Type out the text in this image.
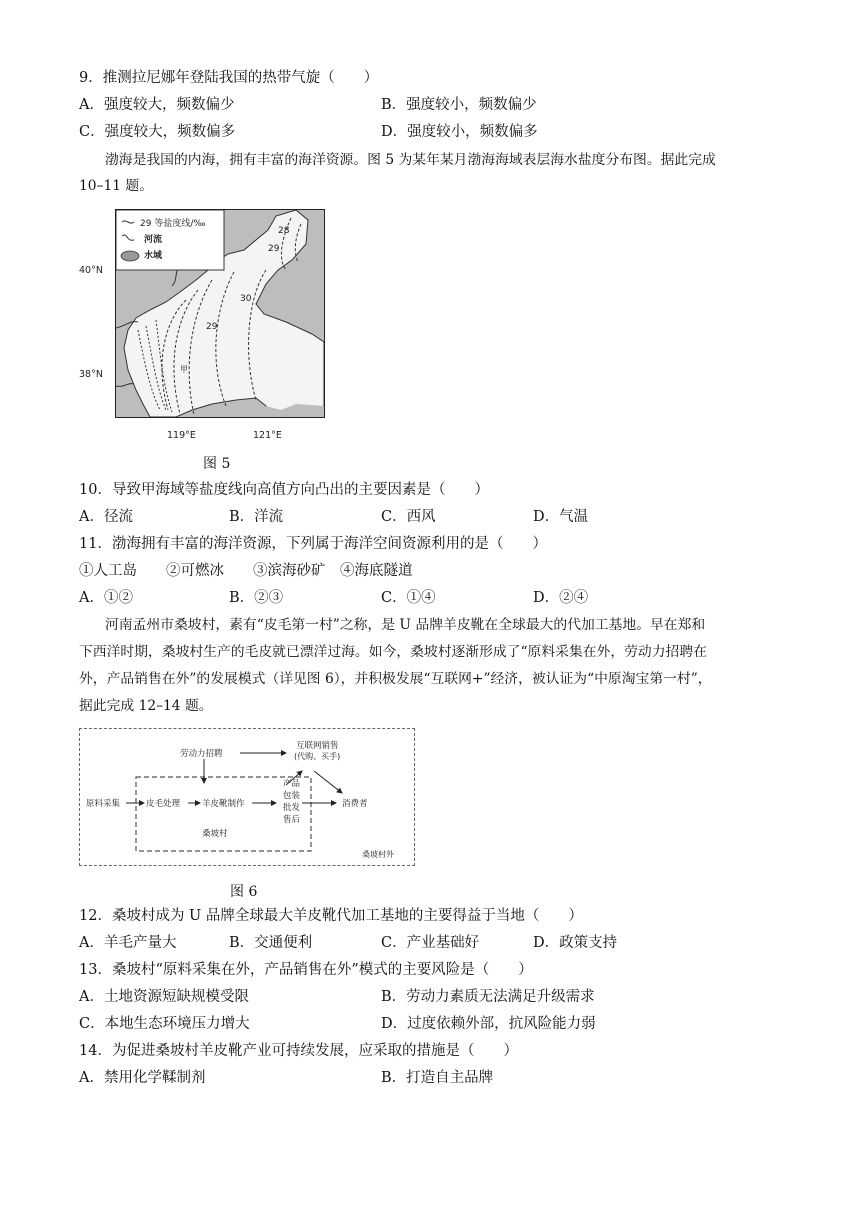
9．推测拉尼娜年登陆我国的热带气旋（　　）
A．强度较大，频数偏少	B．强度较小，频数偏少
C．强度较大，频数偏多	D．强度较小，频数偏多
渤海是我国的内海，拥有丰富的海洋资源。图 5 为某年某月渤海海域表层海水盐度分布图。据此完成
10–11 题。
29 等盐度线/‰
河流
水域
28
29
30
29
甲
40°N
38°N
119°E	121°E
图 5
10．导致甲海域等盐度线向高值方向凸出的主要因素是（　　）
A．径流	B．洋流	C．西风	D．气温
11．渤海拥有丰富的海洋资源，下列属于海洋空间资源利用的是（　　）
①人工岛　　②可燃冰　　③滨海砂矿　④海底隧道
A．①②	B．②③	C．①④	D．②④
河南孟州市桑坡村，素有“皮毛第一村”之称，是 U 品牌羊皮靴在全球最大的代加工基地。早在郑和
下西洋时期，桑坡村生产的毛皮就已漂洋过海。如今，桑坡村逐渐形成了“原料采集在外，劳动力招聘在
外，产品销售在外”的发展模式（详见图 6），并积极发展“互联网+”经济，被认证为“中原淘宝第一村”，
据此完成 12–14 题。
劳动力招聘
互联网销售
(代购、买手)
原料采集	皮毛处理	羊皮靴制作
产品
包装
批发
售后
消费者
桑坡村
桑坡村外
图 6
12．桑坡村成为 U 品牌全球最大羊皮靴代加工基地的主要得益于当地（　　）
A．羊毛产量大	B．交通便利	C．产业基础好	D．政策支持
13．桑坡村“原料采集在外，产品销售在外”模式的主要风险是（　　）
A．土地资源短缺规模受限	B．劳动力素质无法满足升级需求
C．本地生态环境压力增大	D．过度依赖外部，抗风险能力弱
14．为促进桑坡村羊皮靴产业可持续发展，应采取的措施是（　　）
A．禁用化学鞣制剂	B．打造自主品牌
